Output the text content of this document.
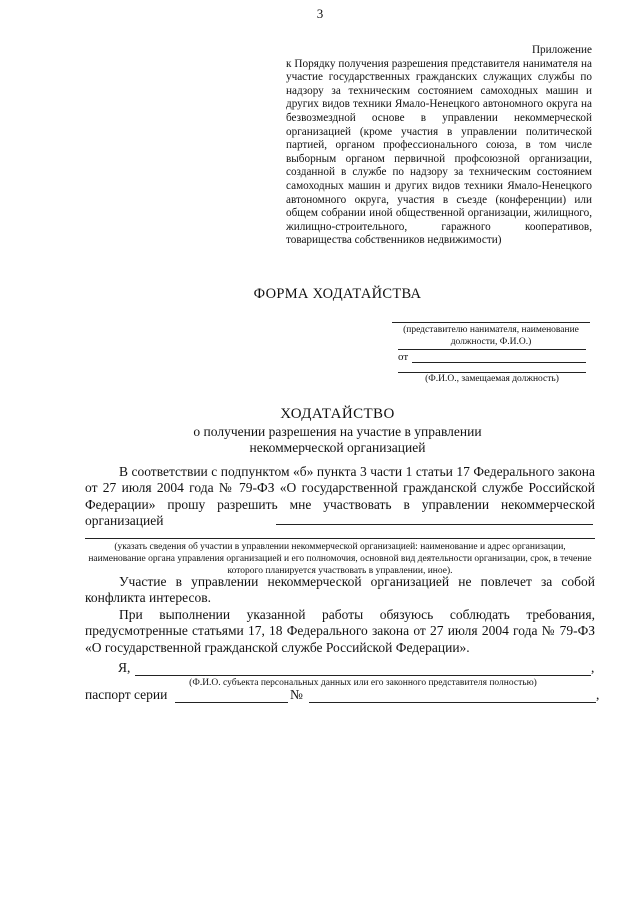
3
Приложение
к Порядку получения разрешения представителя нанимателя на участие государственных гражданских служащих службы по надзору за техническим состоянием самоходных машин и других видов техники Ямало-Ненецкого автономного округа на безвозмездной основе в управлении некоммерческой организацией (кроме участия в управлении политической партией, органом профессионального союза, в том числе выборным органом первичной профсоюзной организации, созданной в службе по надзору за техническим состоянием самоходных машин и других видов техники Ямало-Ненецкого автономного округа, участия в съезде (конференции) или общем собрании иной общественной организации, жилищного, жилищно-строительного, гаражного кооперативов, товарищества собственников недвижимости)
ФОРМА ХОДАТАЙСТВА
(представителю нанимателя, наименование должности, Ф.И.О.)
от
(Ф.И.О., замещаемая должность)
ХОДАТАЙСТВО
о получении разрешения на участие в управлении
некоммерческой организацией
В соответствии с подпунктом «б» пункта 3 части 1 статьи 17 Федерального закона от 27 июля 2004 года № 79-ФЗ «О государственной гражданской службе Российской Федерации» прошу разрешить мне участвовать в управлении некоммерческой организацией
(указать сведения об участии в управлении некоммерческой организацией: наименование и адрес организации, наименование органа управления организацией и его полномочия, основной вид деятельности организации, срок, в течение которого планируется участвовать в управлении, иное).
Участие в управлении некоммерческой организацией не повлечет за собой конфликта интересов.
При выполнении указанной работы обязуюсь соблюдать требования, предусмотренные статьями 17, 18 Федерального закона от 27 июля 2004 года № 79-ФЗ «О государственной гражданской службе Российской Федерации».
Я,	,
(Ф.И.О. субъекта персональных данных или его законного представителя полностью)
паспорт серии	№	,
